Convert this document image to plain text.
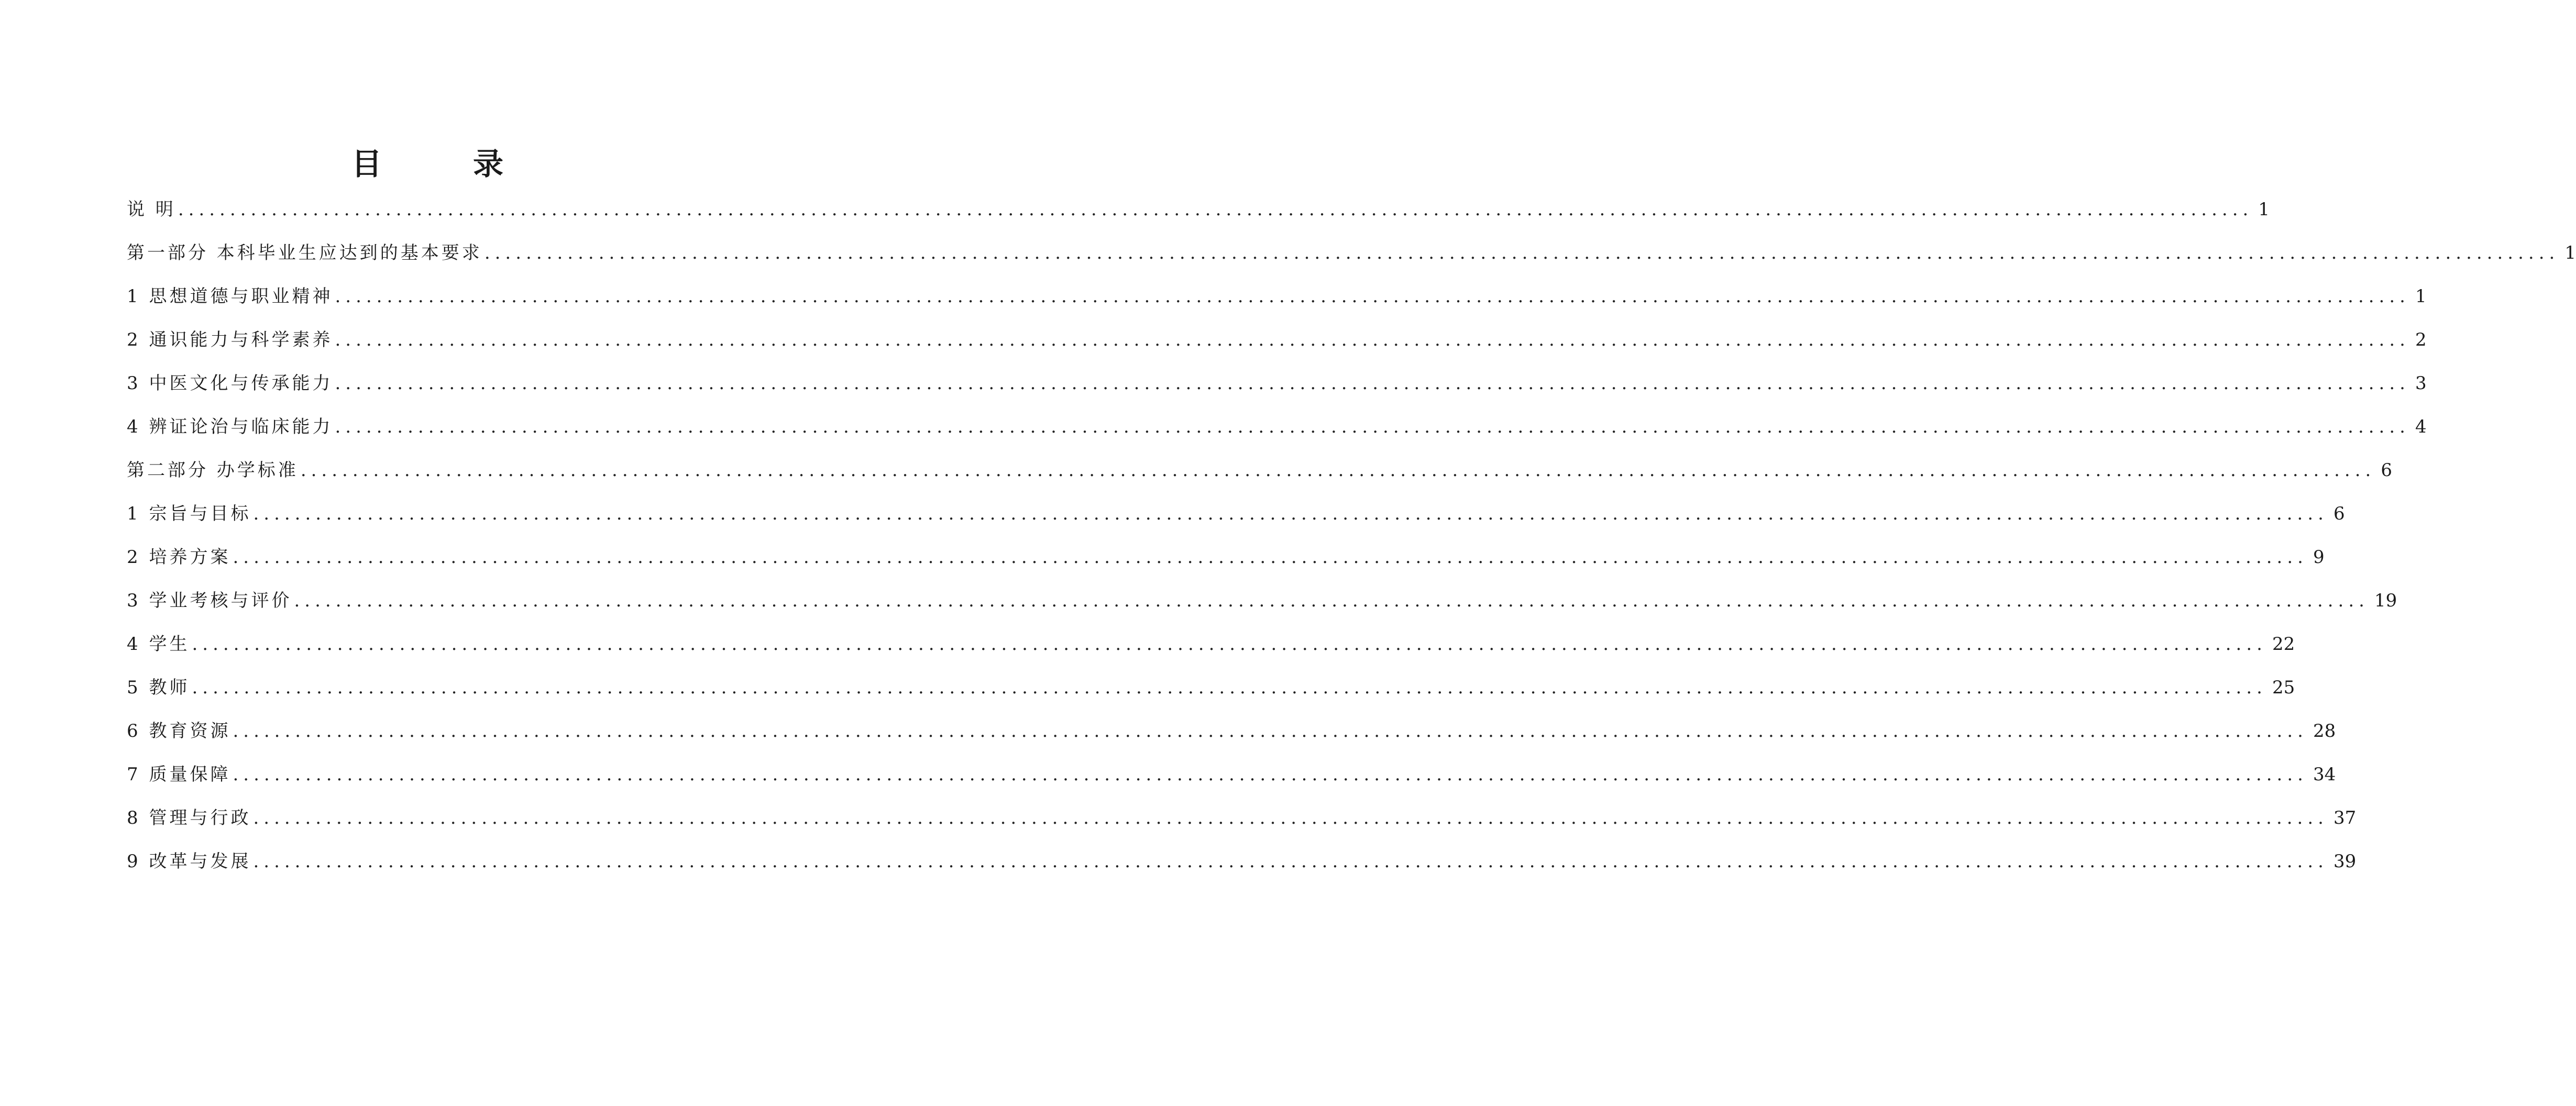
目　录
说 明 ........................................................................................................................................................................................................ 1
第一部分 本科毕业生应达到的基本要求 ........................................................................................................................................................................................................ 1
1 思想道德与职业精神 ........................................................................................................................................................................................................ 1
2 通识能力与科学素养 ........................................................................................................................................................................................................ 2
3 中医文化与传承能力 ........................................................................................................................................................................................................ 3
4 辨证论治与临床能力 ........................................................................................................................................................................................................ 4
第二部分 办学标准 ........................................................................................................................................................................................................ 6
1 宗旨与目标 ........................................................................................................................................................................................................ 6
2 培养方案 ........................................................................................................................................................................................................ 9
3 学业考核与评价 ........................................................................................................................................................................................................ 19
4 学生 ........................................................................................................................................................................................................ 22
5 教师 ........................................................................................................................................................................................................ 25
6 教育资源 ........................................................................................................................................................................................................ 28
7 质量保障 ........................................................................................................................................................................................................ 34
8 管理与行政 ........................................................................................................................................................................................................ 37
9 改革与发展 ........................................................................................................................................................................................................ 39
